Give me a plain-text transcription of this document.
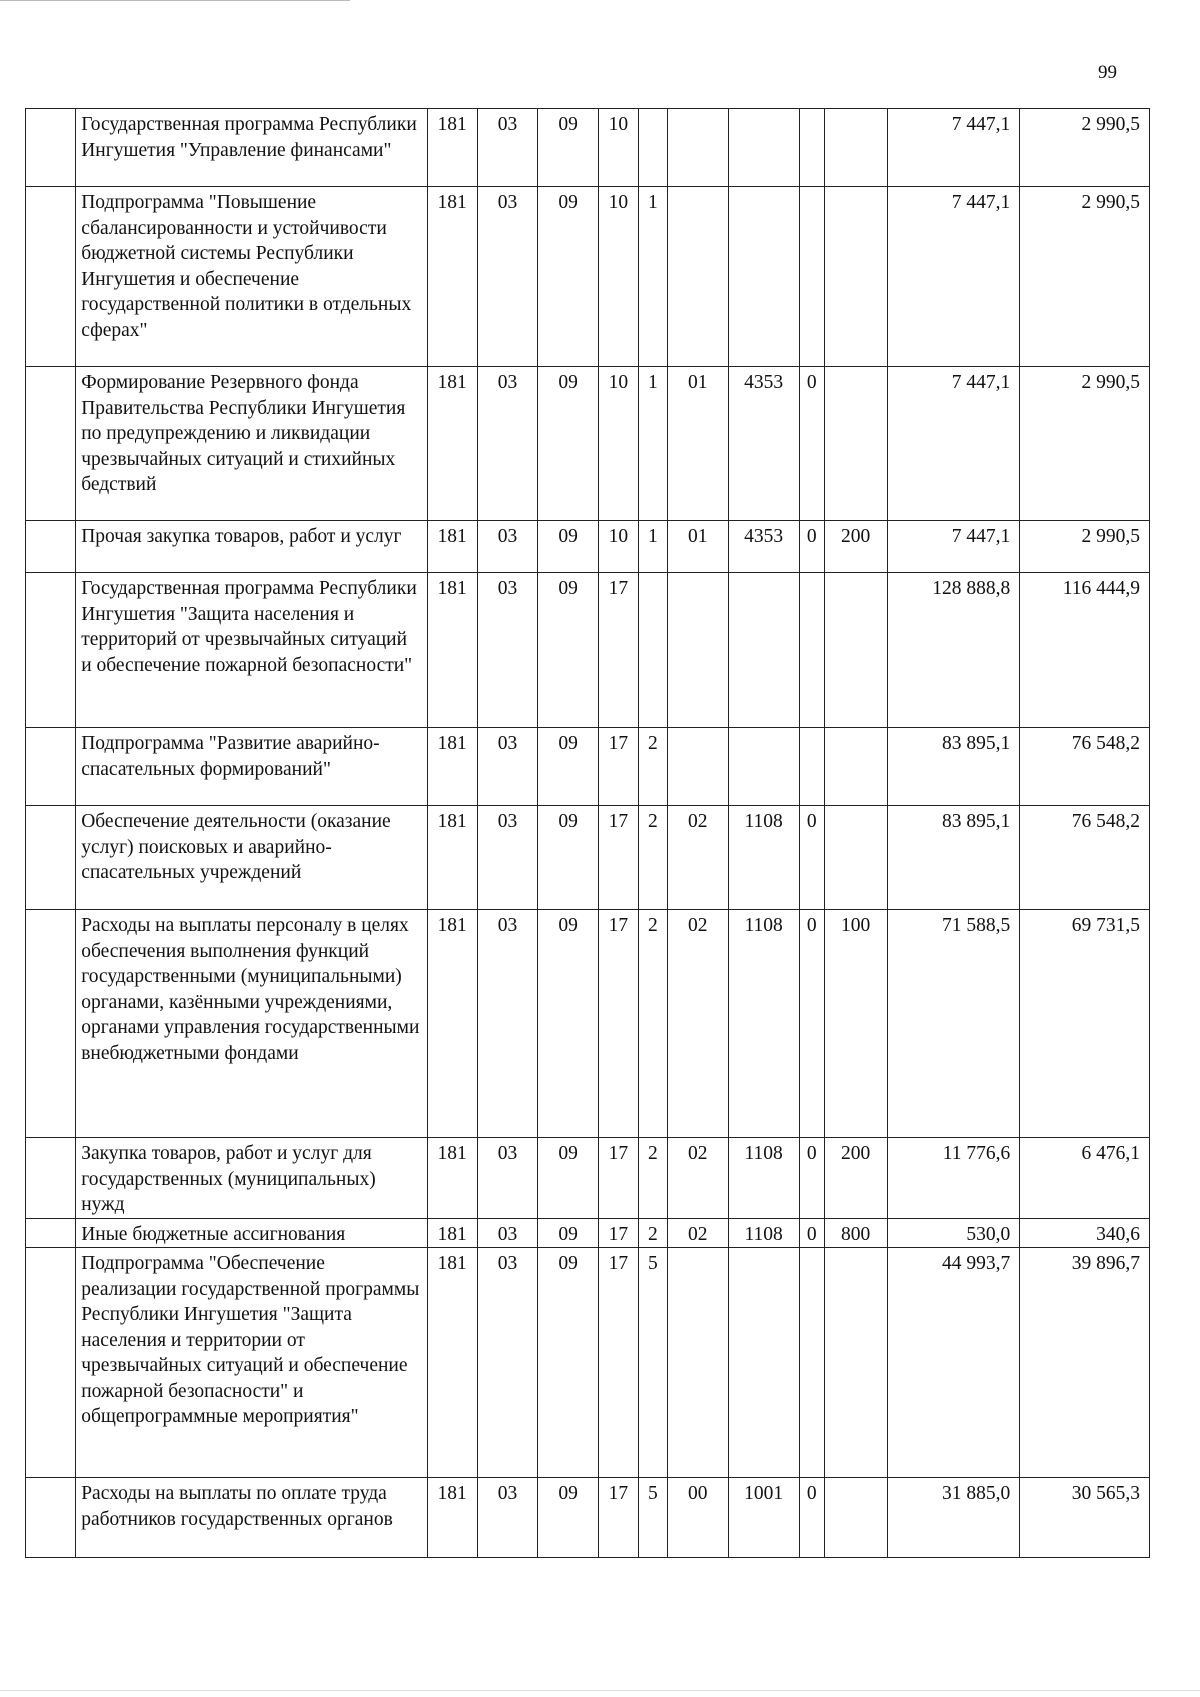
99
	Государственная программа Республики Ингушетия "Управление финансами"	181	03	09	10						7 447,1	2 990,5
	Подпрограмма "Повышение сбалансированности и устойчивости бюджетной системы Республики Ингушетия и обеспечение государственной политики в отдельных сферах"	181	03	09	10	1					7 447,1	2 990,5
	Формирование Резервного фонда Правительства Республики Ингушетия по предупреждению и ликвидации чрезвычайных ситуаций и стихийных бедствий	181	03	09	10	1	01	4353	0		7 447,1	2 990,5
	Прочая закупка товаров, работ и услуг	181	03	09	10	1	01	4353	0	200	7 447,1	2 990,5
	Государственная программа Республики Ингушетия "Защита населения и территорий от чрезвычайных ситуаций и обеспечение пожарной безопасности"	181	03	09	17						128 888,8	116 444,9
	Подпрограмма "Развитие аварийно-спасательных формирований"	181	03	09	17	2					83 895,1	76 548,2
	Обеспечение деятельности (оказание услуг) поисковых и аварийно-спасательных учреждений	181	03	09	17	2	02	1108	0		83 895,1	76 548,2
	Расходы на выплаты персоналу в целях обеспечения выполнения функций государственными (муниципальными) органами, казёнными учреждениями, органами управления государственными внебюджетными фондами	181	03	09	17	2	02	1108	0	100	71 588,5	69 731,5
	Закупка товаров, работ и услуг для государственных (муниципальных) нужд	181	03	09	17	2	02	1108	0	200	11 776,6	6 476,1
	Иные бюджетные ассигнования	181	03	09	17	2	02	1108	0	800	530,0	340,6
	Подпрограмма "Обеспечение реализации государственной программы Республики Ингушетия "Защита населения и территории от чрезвычайных ситуаций и обеспечение пожарной безопасности" и общепрограммные мероприятия"	181	03	09	17	5					44 993,7	39 896,7
	Расходы на выплаты по оплате труда работников государственных органов	181	03	09	17	5	00	1001	0		31 885,0	30 565,3
